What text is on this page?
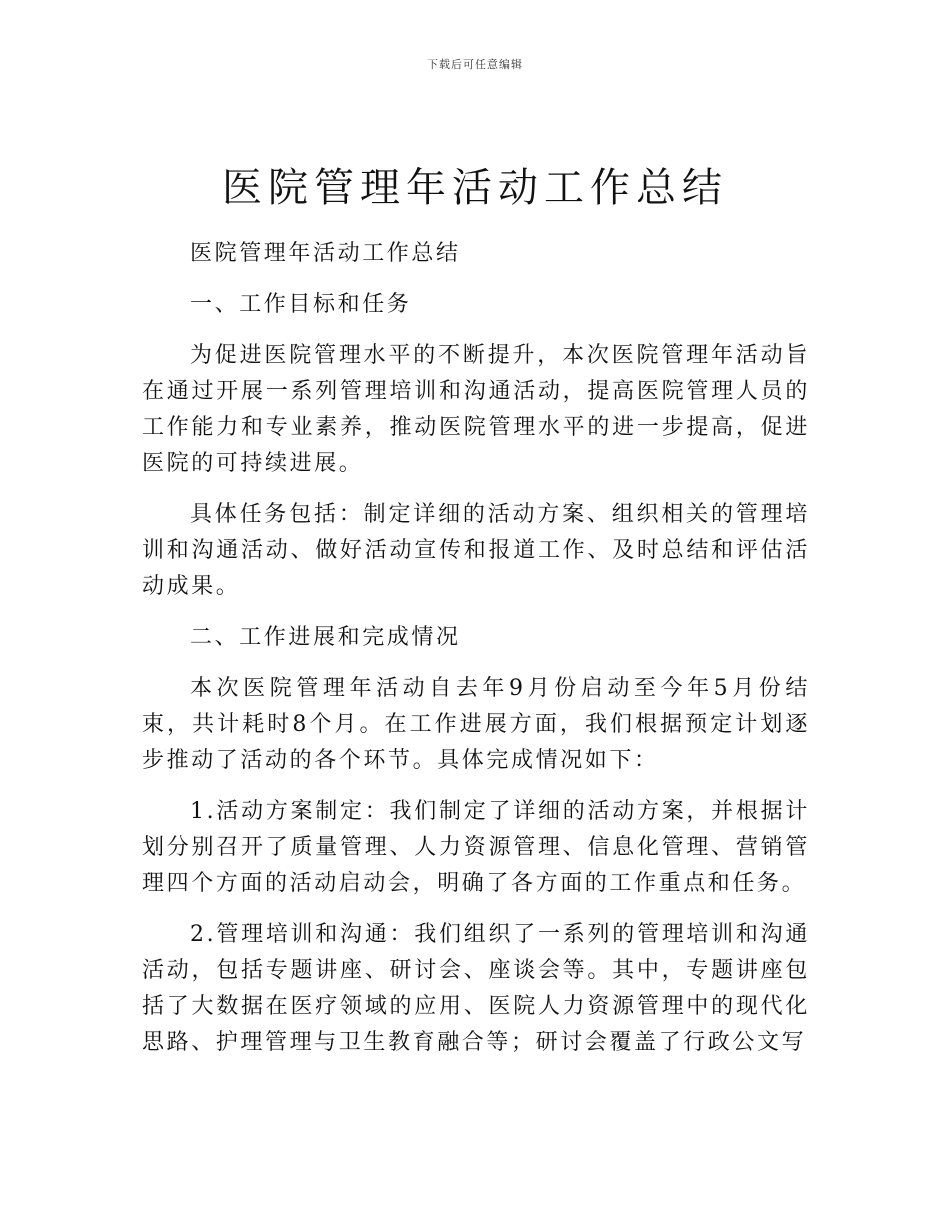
下载后可任意编辑
医院管理年活动工作总结

医院管理年活动工作总结

一、工作目标和任务

为促进医院管理水平的不断提升，本次医院管理年活动旨在通过开展一系列管理培训和沟通活动，提高医院管理人员的工作能力和专业素养，推动医院管理水平的进一步提高，促进医院的可持续进展。

具体任务包括：制定详细的活动方案、组织相关的管理培训和沟通活动、做好活动宣传和报道工作、及时总结和评估活动成果。

二、工作进展和完成情况

本次医院管理年活动自去年9月份启动至今年5月份结束，共计耗时8个月。在工作进展方面，我们根据预定计划逐步推动了活动的各个环节。具体完成情况如下：

1.活动方案制定：我们制定了详细的活动方案，并根据计划分别召开了质量管理、人力资源管理、信息化管理、营销管理四个方面的活动启动会，明确了各方面的工作重点和任务。

2.管理培训和沟通：我们组织了一系列的管理培训和沟通活动，包括专题讲座、研讨会、座谈会等。其中，专题讲座包括了大数据在医疗领域的应用、医院人力资源管理中的现代化思路、护理管理与卫生教育融合等；研讨会覆盖了行政公文写
